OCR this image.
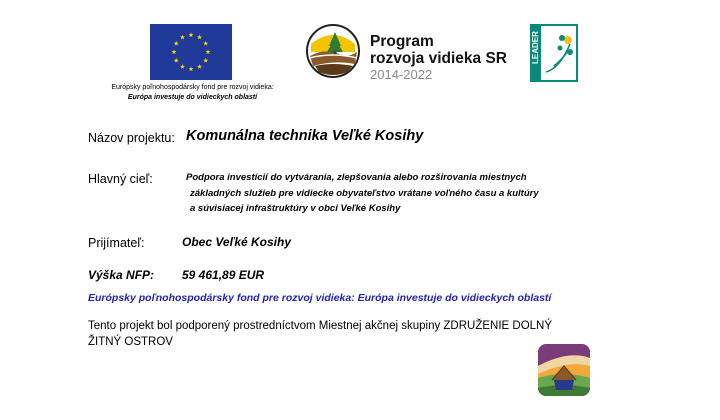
Európsky poľnohospodársky fond pre rozvoj vidieka:
Európa investuje do vidieckych oblastí
Program
rozvoja vidieka SR
2014-2022
LEADER
Názov projektu: Komunálna technika Veľké Kosihy
Hlavný cieľ:	Podpora investícií do vytvárania, zlepšovania alebo rozširovania miestnych
základných služieb pre vidiecke obyvateľstvo vrátane voľného času a kultúry
a súvisiacej infraštruktúry v obci Veľké Kosihy
Prijímateľ:	Obec Veľké Kosihy
Výška NFP: 59 461,89 EUR
Európsky poľnohospodársky fond pre rozvoj vidieka: Európa investuje do vidieckych oblastí
Tento projekt bol podporený prostredníctvom Miestnej akčnej skupiny ZDRUŽENIE DOLNÝ
ŽITNÝ OSTROV
